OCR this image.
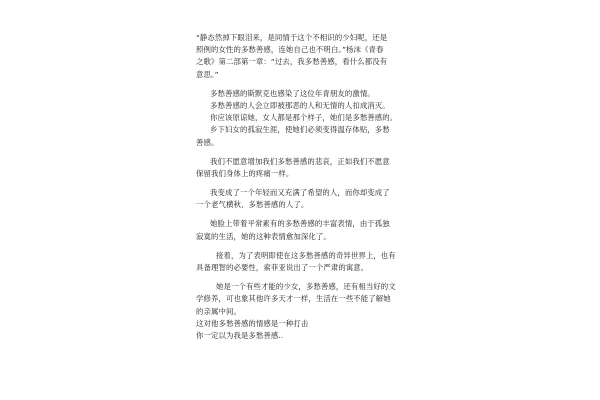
“静态然掉下眼泪来，是同情于这个不相识的少妇呢，还是
照例的女性的多愁善感，连她自己也不明白。”杨沫《青春
之歌》第二部第一章：“过去，我多愁善感，看什么都没有
意思。”
多愁善感的斯默克也感染了这位年青朋友的激情。
多愁善感的人会立即被那恶的人和无情的人扣成消灭。
你应该原谅她，女人都是那个样子，她们是多愁善感的。
乡下妇女的孤寂生涯，使她们必须变得温存体贴，多愁
善感。
我们不愿意增加我们多愁善感的悲哀，正如我们不愿意
保留我们身体上的疼痛一样。
我变成了一个年轻而又充满了希望的人，而你却变成了
一个老气横秋、多愁善感的人了。
她脸上带着平常素有的多愁善感的丰富表情，由于孤独
寂寞的生活，她的这种表情愈加深化了。
接着，为了表明即使在这多愁善感的奇异世界上，也有
具备理智的必要性，索菲亚说出了一个严肃的寓意。
她是一个有些才能的少女，多愁善感，还有相当好的文
学修养，可也象其他许多天才一样，生活在一些不能了解她
的亲属中间。
这对他多愁善感的情感是一种打击
你一定以为我是多愁善感..
